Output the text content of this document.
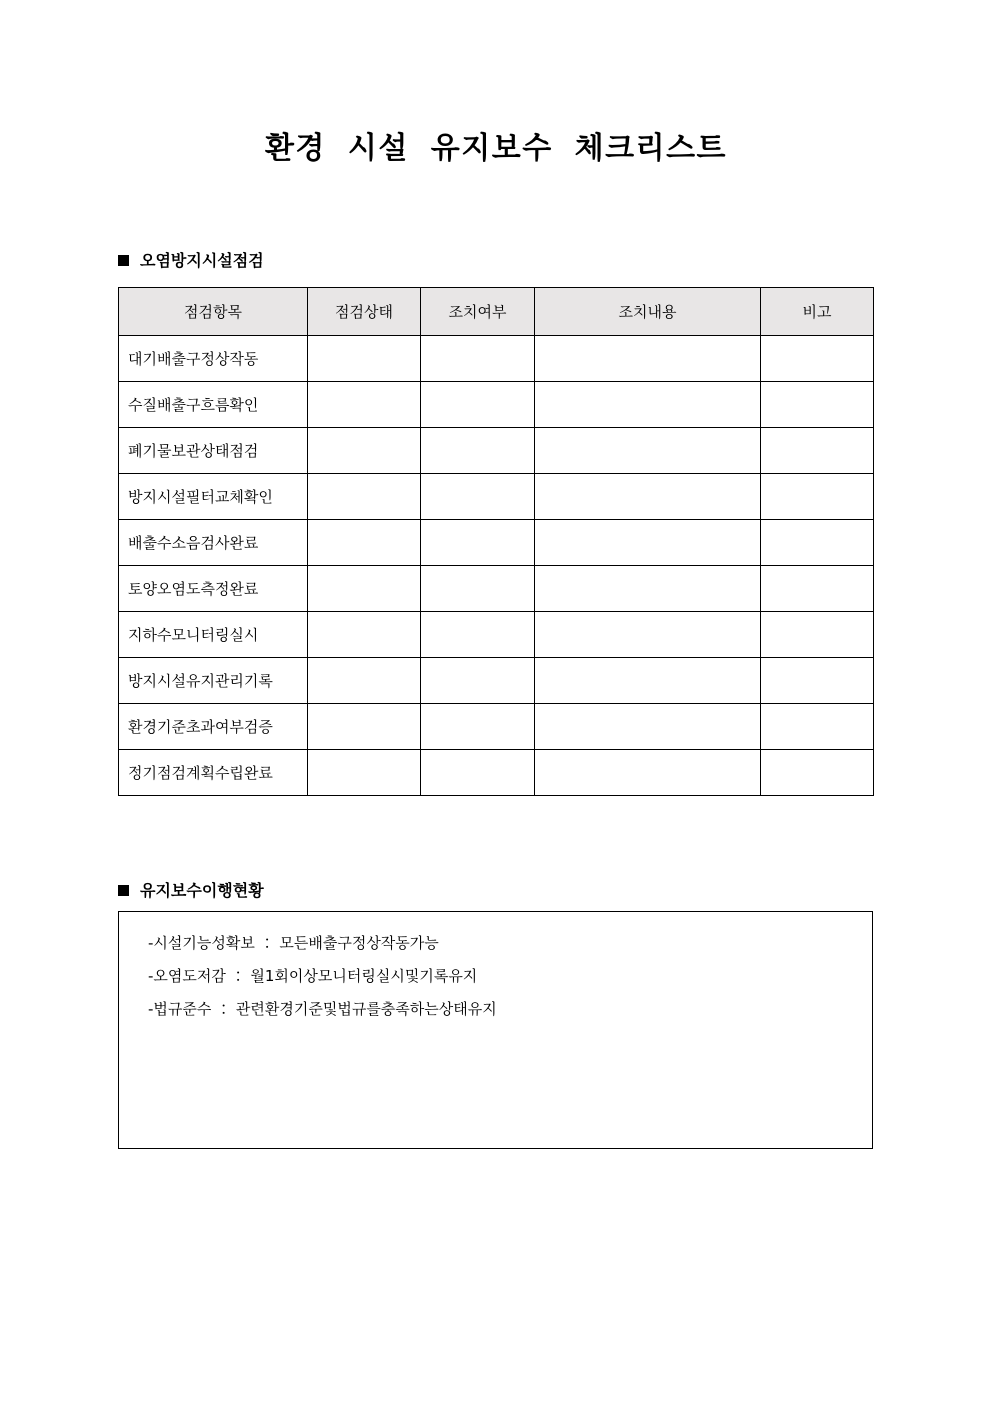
환경 시설 유지보수 체크리스트
오염방지시설점검
점검항목	점검상태	조치여부	조치내용	비고
대기배출구정상작동				
수질배출구흐름확인				
폐기물보관상태점검				
방지시설필터교체확인				
배출수소음검사완료				
토양오염도측정완료				
지하수모니터링실시				
방지시설유지관리기록				
환경기준초과여부검증				
정기점검계획수립완료				
유지보수이행현황
-시설기능성확보 ： 모든배출구정상작동가능
-오염도저감 ： 월1회이상모니터링실시및기록유지
-법규준수 ： 관련환경기준및법규를충족하는상태유지
